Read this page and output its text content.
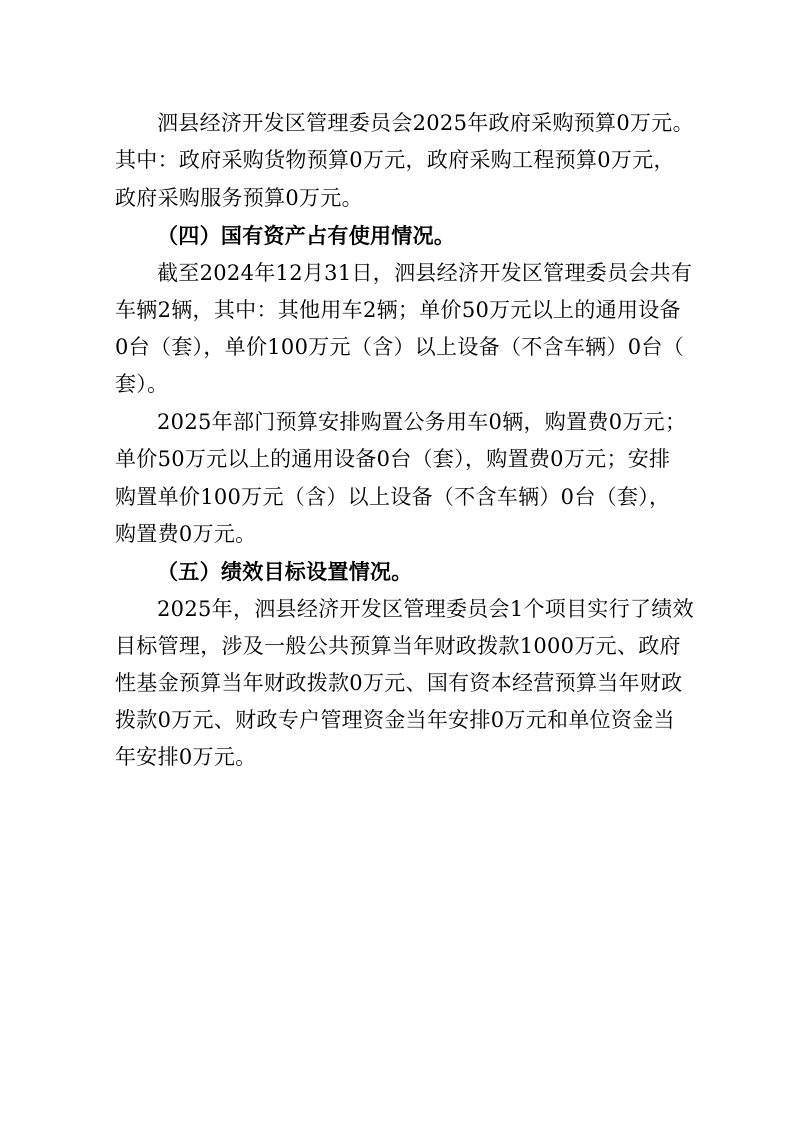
泗县经济开发区管理委员会2025年政府采购预算0万元。
其中：政府采购货物预算0万元，政府采购工程预算0万元，
政府采购服务预算0万元。
（四）国有资产占有使用情况。
截至2024年12月31日，泗县经济开发区管理委员会共有
车辆2辆，其中：其他用车2辆；单价50万元以上的通用设备
0台（套），单价100万元（含）以上设备（不含车辆）0台（
套）。
2025年部门预算安排购置公务用车0辆，购置费0万元；
单价50万元以上的通用设备0台（套），购置费0万元；安排
购置单价100万元（含）以上设备（不含车辆）0台（套），
购置费0万元。
（五）绩效目标设置情况。
2025年，泗县经济开发区管理委员会1个项目实行了绩效
目标管理，涉及一般公共预算当年财政拨款1000万元、政府
性基金预算当年财政拨款0万元、国有资本经营预算当年财政
拨款0万元、财政专户管理资金当年安排0万元和单位资金当
年安排0万元。
